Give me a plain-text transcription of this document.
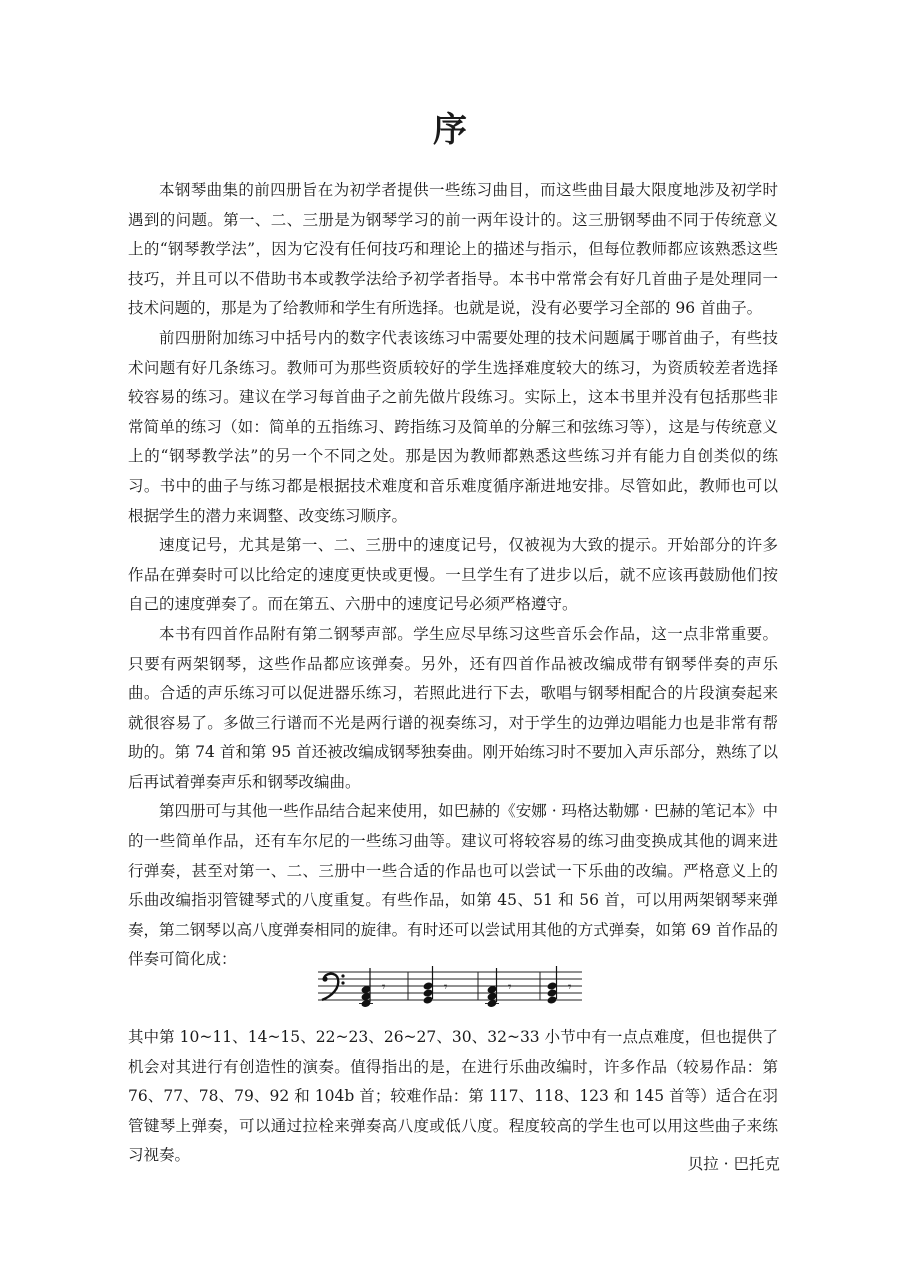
序

本钢琴曲集的前四册旨在为初学者提供一些练习曲目，而这些曲目最大限度地涉及初学时遇到的问题。第一、二、三册是为钢琴学习的前一两年设计的。这三册钢琴曲不同于传统意义上的“钢琴教学法”，因为它没有任何技巧和理论上的描述与指示，但每位教师都应该熟悉这些技巧，并且可以不借助书本或教学法给予初学者指导。本书中常常会有好几首曲子是处理同一技术问题的，那是为了给教师和学生有所选择。也就是说，没有必要学习全部的 96 首曲子。

前四册附加练习中括号内的数字代表该练习中需要处理的技术问题属于哪首曲子，有些技术问题有好几条练习。教师可为那些资质较好的学生选择难度较大的练习，为资质较差者选择较容易的练习。建议在学习每首曲子之前先做片段练习。实际上，这本书里并没有包括那些非常简单的练习（如：简单的五指练习、跨指练习及简单的分解三和弦练习等），这是与传统意义上的“钢琴教学法”的另一个不同之处。那是因为教师都熟悉这些练习并有能力自创类似的练习。书中的曲子与练习都是根据技术难度和音乐难度循序渐进地安排。尽管如此，教师也可以根据学生的潜力来调整、改变练习顺序。

速度记号，尤其是第一、二、三册中的速度记号，仅被视为大致的提示。开始部分的许多作品在弹奏时可以比给定的速度更快或更慢。一旦学生有了进步以后，就不应该再鼓励他们按自己的速度弹奏了。而在第五、六册中的速度记号必须严格遵守。

本书有四首作品附有第二钢琴声部。学生应尽早练习这些音乐会作品，这一点非常重要。只要有两架钢琴，这些作品都应该弹奏。另外，还有四首作品被改编成带有钢琴伴奏的声乐曲。合适的声乐练习可以促进器乐练习，若照此进行下去，歌唱与钢琴相配合的片段演奏起来就很容易了。多做三行谱而不光是两行谱的视奏练习，对于学生的边弹边唱能力也是非常有帮助的。第 74 首和第 95 首还被改编成钢琴独奏曲。刚开始练习时不要加入声乐部分，熟练了以后再试着弹奏声乐和钢琴改编曲。

第四册可与其他一些作品结合起来使用，如巴赫的《安娜 · 玛格达勒娜 · 巴赫的笔记本》中的一些简单作品，还有车尔尼的一些练习曲等。建议可将较容易的练习曲变换成其他的调来进行弹奏，甚至对第一、二、三册中一些合适的作品也可以尝试一下乐曲的改编。严格意义上的乐曲改编指羽管键琴式的八度重复。有些作品，如第 45、51 和 56 首，可以用两架钢琴来弹奏，第二钢琴以高八度弹奏相同的旋律。有时还可以尝试用其他的方式弹奏，如第 69 首作品的伴奏可简化成：

𝄾	𝄾	𝄾	𝄾

其中第 10~11、14~15、22~23、26~27、30、32~33 小节中有一点点难度，但也提供了机会对其进行有创造性的演奏。值得指出的是，在进行乐曲改编时，许多作品（较易作品：第 76、77、78、79、92 和 104b 首；较难作品：第 117、118、123 和 145 首等）适合在羽管键琴上弹奏，可以通过拉栓来弹奏高八度或低八度。程度较高的学生也可以用这些曲子来练习视奏。	贝拉 · 巴托克
